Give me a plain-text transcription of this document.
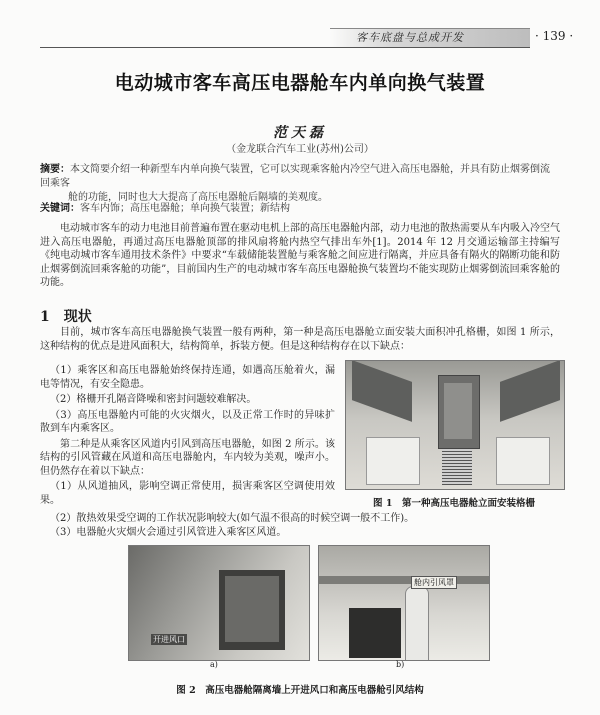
客车底盘与总成开发	· 139 ·
电动城市客车高压电器舱车内单向换气装置
范天磊
（金龙联合汽车工业(苏州)公司）
摘要：本文简要介绍一种新型车内单向换气装置，它可以实现乘客舱内冷空气进入高压电器舱，并具有防止烟雾倒流回乘客
舱的功能，同时也大大提高了高压电器舱后隔墙的美观度。
关键词：客车内饰；高压电器舱；单向换气装置；新结构
电动城市客车的动力电池目前普遍布置在驱动电机上部的高压电器舱内部，动力电池的散热需要从车内吸入冷空气进入高压电器舱，再通过高压电器舱顶部的排风扇将舱内热空气排出车外[1]。2014 年 12 月交通运输部主持编写《纯电动城市客车通用技术条件》中要求“车载储能装置舱与乘客舱之间应进行隔离，并应具备有隔火的隔断功能和防止烟雾倒流回乘客舱的功能”，目前国内生产的电动城市客车高压电器舱换气装置均不能实现防止烟雾倒流回乘客舱的功能。
1　现状
目前，城市客车高压电器舱换气装置一般有两种，第一种是高压电器舱立面安装大面积冲孔格栅，如图 1 所示，这种结构的优点是进风面积大，结构简单，拆装方便。但是这种结构存在以下缺点：

（1）乘客区和高压电器舱始终保持连通，如遇高压舱着火，漏电等情况，有安全隐患。

（2）格栅开孔隔音降噪和密封问题较难解决。

（3）高压电器舱内可能的火灾烟火，以及正常工作时的异味扩散到车内乘客区。

第二种是从乘客区风道内引风到高压电器舱，如图 2 所示。该结构的引风管藏在风道和高压电器舱内，车内较为美观，噪声小。但仍然存在着以下缺点：

（1）从风道抽风，影响空调正常使用，损害乘客区空调使用效果。

（2）散热效果受空调的工作状况影响较大(如气温不很高的时候空调一般不工作)。
（3）电器舱火灾烟火会通过引风管进入乘客区风道。
图 1　第一种高压电器舱立面安装格栅
开进风口
舱内引风罩
a)	b)
图 2　高压电器舱隔离墙上开进风口和高压电器舱引风结构
